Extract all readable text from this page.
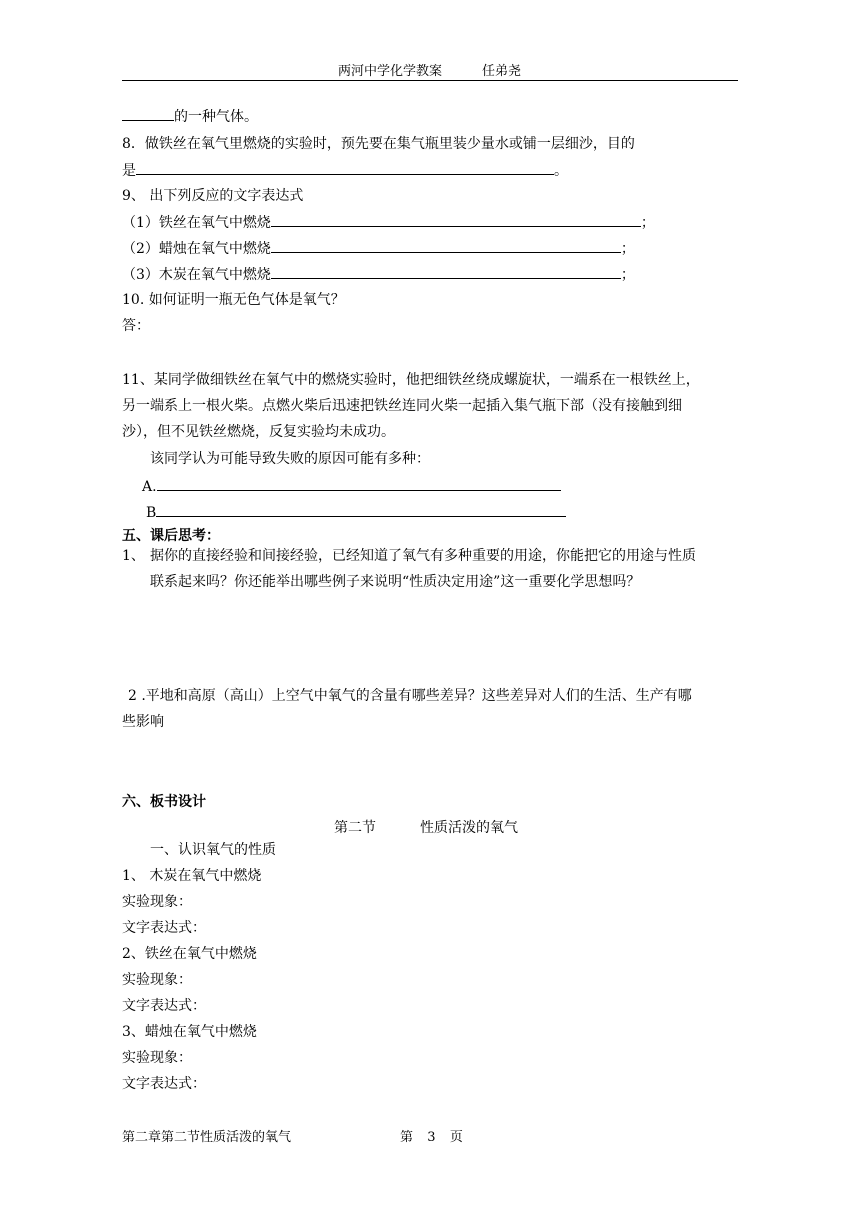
两河中学化学教案	任弟尧
的一种气体。
8．做铁丝在氧气里燃烧的实验时，预先要在集气瓶里装少量水或铺一层细沙，目的
是	。
9、 出下列反应的文字表达式
（1）铁丝在氧气中燃烧	；
（2）蜡烛在氧气中燃烧	；
（3）木炭在氧气中燃烧	；
10. 如何证明一瓶无色气体是氧气？
答：
11、某同学做细铁丝在氧气中的燃烧实验时，他把细铁丝绕成螺旋状，一端系在一根铁丝上，
另一端系上一根火柴。点燃火柴后迅速把铁丝连同火柴一起插入集气瓶下部（没有接触到细
沙），但不见铁丝燃烧，反复实验均未成功。
该同学认为可能导致失败的原因可能有多种：
A.
B
五、课后思考：
1、 据你的直接经验和间接经验，已经知道了氧气有多种重要的用途，你能把它的用途与性质
联系起来吗？你还能举出哪些例子来说明“性质决定用途”这一重要化学思想吗？
2 .平地和高原（高山）上空气中氧气的含量有哪些差异？这些差异对人们的生活、生产有哪
些影响
六、板书设计
第二节	性质活泼的氧气
一、认识氧气的性质
1、 木炭在氧气中燃烧
实验现象：
文字表达式：
2、铁丝在氧气中燃烧
实验现象：
文字表达式：
3、蜡烛在氧气中燃烧
实验现象：
文字表达式：
第二章第二节性质活泼的氧气	第 3 页
